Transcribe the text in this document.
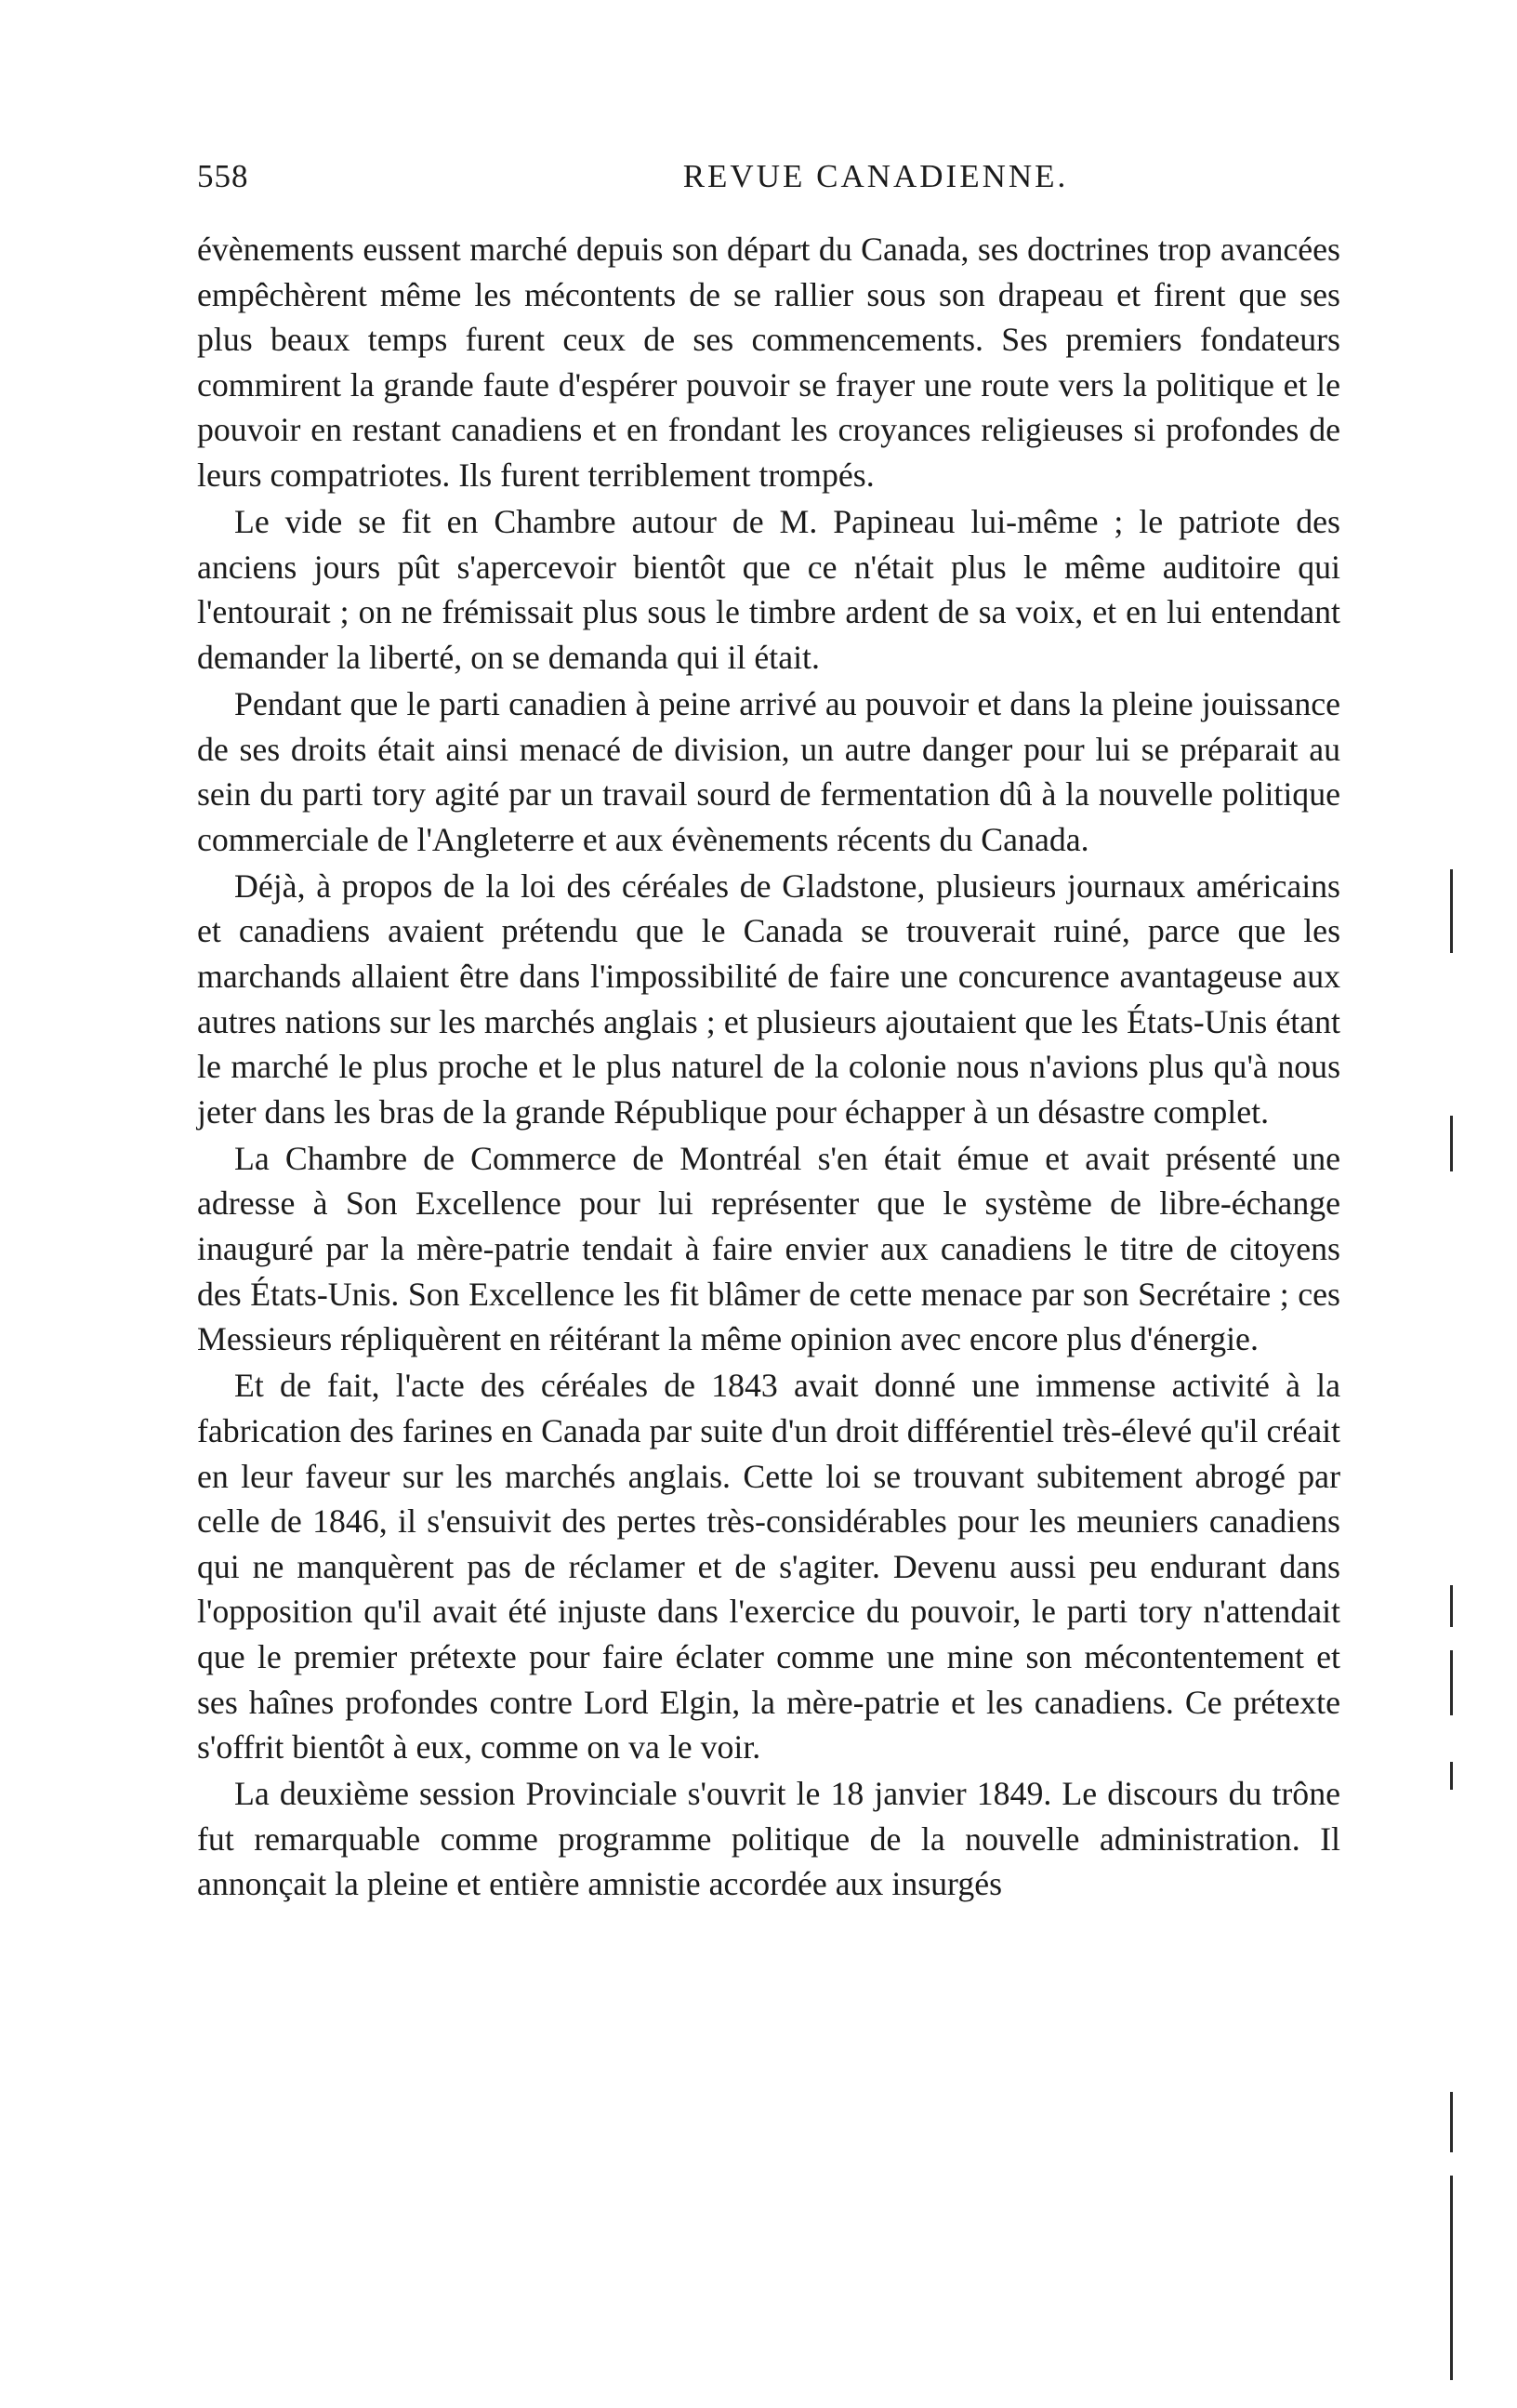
558	REVUE CANADIENNE.

évènements eussent marché depuis son départ du Canada, ses doctrines trop avancées empêchèrent même les mécontents de se rallier sous son drapeau et firent que ses plus beaux temps furent ceux de ses commencements. Ses premiers fondateurs commirent la grande faute d'espérer pouvoir se frayer une route vers la politique et le pouvoir en restant canadiens et en frondant les croyances religieuses si profondes de leurs compatriotes. Ils furent terriblement trompés.

Le vide se fit en Chambre autour de M. Papineau lui-même ; le patriote des anciens jours pût s'apercevoir bientôt que ce n'était plus le même auditoire qui l'entourait ; on ne frémissait plus sous le timbre ardent de sa voix, et en lui entendant demander la liberté, on se demanda qui il était.

Pendant que le parti canadien à peine arrivé au pouvoir et dans la pleine jouissance de ses droits était ainsi menacé de division, un autre danger pour lui se préparait au sein du parti tory agité par un travail sourd de fermentation dû à la nouvelle politique commerciale de l'Angleterre et aux évènements récents du Canada.

Déjà, à propos de la loi des céréales de Gladstone, plusieurs journaux américains et canadiens avaient prétendu que le Canada se trouverait ruiné, parce que les marchands allaient être dans l'impossibilité de faire une concurence avantageuse aux autres nations sur les marchés anglais ; et plusieurs ajoutaient que les États-Unis étant le marché le plus proche et le plus naturel de la colonie nous n'avions plus qu'à nous jeter dans les bras de la grande République pour échapper à un désastre complet.

La Chambre de Commerce de Montréal s'en était émue et avait présenté une adresse à Son Excellence pour lui représenter que le système de libre-échange inauguré par la mère-patrie tendait à faire envier aux canadiens le titre de citoyens des États-Unis. Son Excellence les fit blâmer de cette menace par son Secrétaire ; ces Messieurs répliquèrent en réitérant la même opinion avec encore plus d'énergie.

Et de fait, l'acte des céréales de 1843 avait donné une immense activité à la fabrication des farines en Canada par suite d'un droit différentiel très-élevé qu'il créait en leur faveur sur les marchés anglais. Cette loi se trouvant subitement abrogé par celle de 1846, il s'ensuivit des pertes très-considérables pour les meuniers canadiens qui ne manquèrent pas de réclamer et de s'agiter. Devenu aussi peu endurant dans l'opposition qu'il avait été injuste dans l'exercice du pouvoir, le parti tory n'attendait que le premier prétexte pour faire éclater comme une mine son mécontentement et ses haînes profondes contre Lord Elgin, la mère-patrie et les canadiens. Ce prétexte s'offrit bientôt à eux, comme on va le voir.

La deuxième session Provinciale s'ouvrit le 18 janvier 1849. Le discours du trône fut remarquable comme programme politique de la nouvelle administration. Il annonçait la pleine et entière amnistie accordée aux insurgés
